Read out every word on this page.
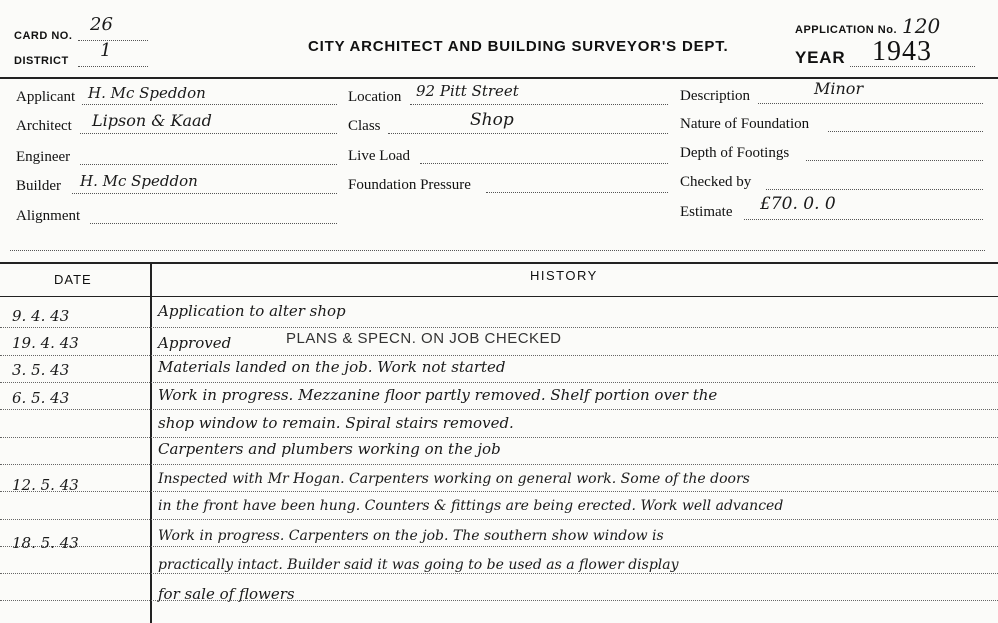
CARD NO.
26
DISTRICT 1	CITY ARCHITECT AND BUILDING SURVEYOR'S DEPT.
APPLICATION No. 120
YEAR 1943
Applicant H. Mc Speddon
Architect Lipson & Kaad
Engineer
Builder H. Mc Speddon
Alignment
Location 92 Pitt Street
Class	Shop
Live Load
Foundation Pressure
Description	Minor
Nature of Foundation
Depth of Footings
Checked by
Estimate £70. 0. 0
DATE	HISTORY
PLANS & SPECN. ON JOB CHECKED
9. 4. 43	Application to alter shop
19. 4. 43	Approved
3. 5. 43	Materials landed on the job. Work not started
6. 5. 43	Work in progress. Mezzanine floor partly removed. Shelf portion over the
shop window to remain. Spiral stairs removed.
Carpenters and plumbers working on the job
12. 5. 43	Inspected with Mr Hogan. Carpenters working on general work. Some of the doors
in the front have been hung. Counters & fittings are being erected. Work well advanced
18. 5. 43	Work in progress. Carpenters on the job. The southern show window is
practically intact. Builder said it was going to be used as a flower display
for sale of flowers
